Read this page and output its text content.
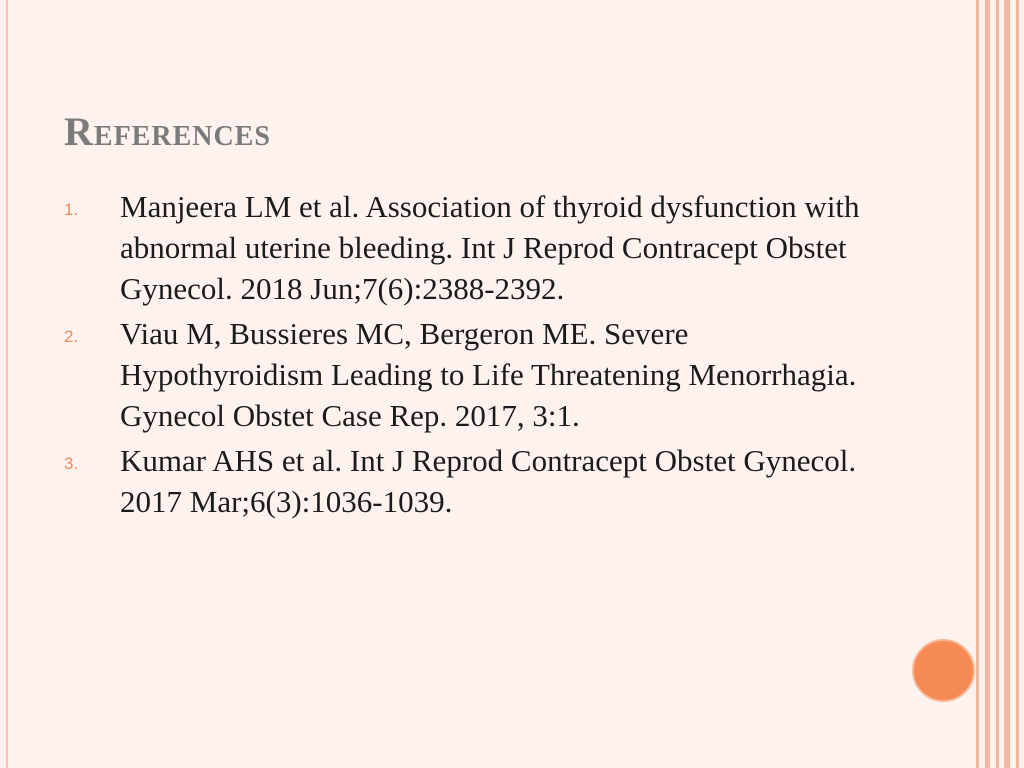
References
1. Manjeera LM et al. Association of thyroid dysfunction with abnormal uterine bleeding. Int J Reprod Contracept Obstet Gynecol. 2018 Jun;7(6):2388-2392.
2. Viau M, Bussieres MC, Bergeron ME. Severe Hypothyroidism Leading to Life Threatening Menorrhagia. Gynecol Obstet Case Rep. 2017, 3:1.
3. Kumar AHS et al. Int J Reprod Contracept Obstet Gynecol. 2017 Mar;6(3):1036-1039.
